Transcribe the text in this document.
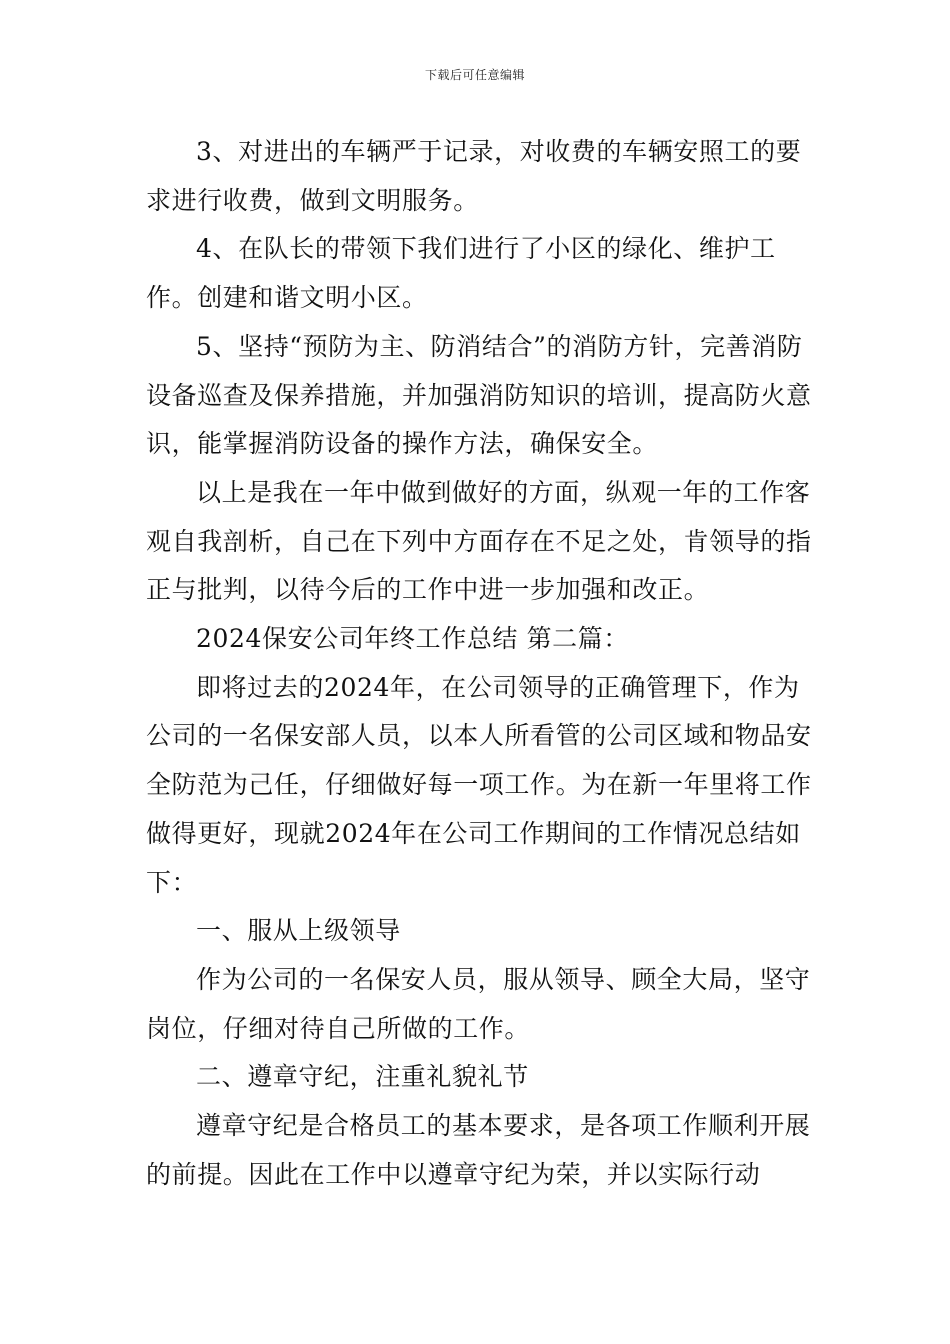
下载后可任意编辑

3、对进出的车辆严于记录，对收费的车辆安照工的要求进行收费，做到文明服务。

4、在队长的带领下我们进行了小区的绿化、维护工作。创建和谐文明小区。

5、坚持“预防为主、防消结合”的消防方针，完善消防设备巡查及保养措施，并加强消防知识的培训，提高防火意识，能掌握消防设备的操作方法，确保安全。

以上是我在一年中做到做好的方面，纵观一年的工作客观自我剖析，自己在下列中方面存在不足之处，肯领导的指正与批判，以待今后的工作中进一步加强和改正。

2024保安公司年终工作总结 第二篇：

即将过去的2024年，在公司领导的正确管理下，作为公司的一名保安部人员，以本人所看管的公司区域和物品安全防范为己任，仔细做好每一项工作。为在新一年里将工作做得更好，现就2024年在公司工作期间的工作情况总结如下：

一、服从上级领导

作为公司的一名保安人员，服从领导、顾全大局，坚守岗位，仔细对待自己所做的工作。

二、遵章守纪，注重礼貌礼节

遵章守纪是合格员工的基本要求，是各项工作顺利开展的前提。因此在工作中以遵章守纪为荣，并以实际行动
